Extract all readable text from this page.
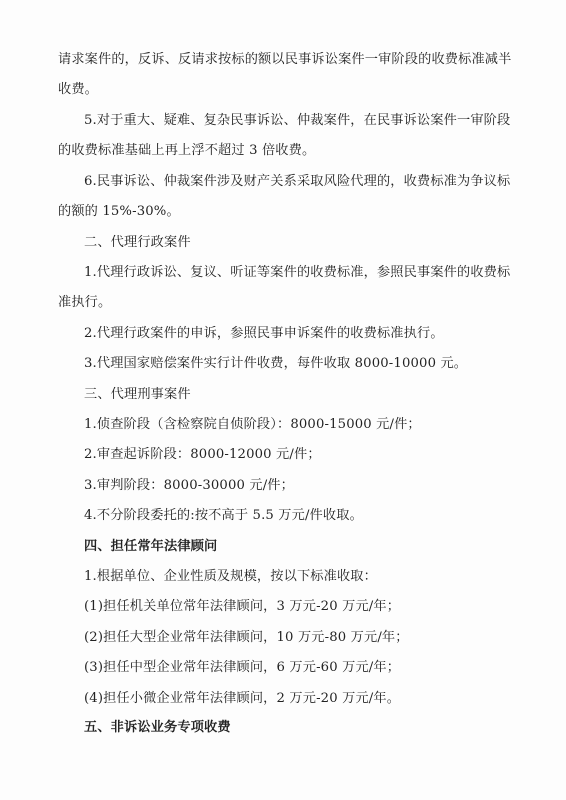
请求案件的，反诉、反请求按标的额以民事诉讼案件一审阶段的收费标准减半
收费。
5.对于重大、疑难、复杂民事诉讼、仲裁案件，在民事诉讼案件一审阶段
的收费标准基础上再上浮不超过 3 倍收费。
6.民事诉讼、仲裁案件涉及财产关系采取风险代理的，收费标准为争议标
的额的 15%-30%。
二、代理行政案件
1.代理行政诉讼、复议、听证等案件的收费标准，参照民事案件的收费标
准执行。
2.代理行政案件的申诉，参照民事申诉案件的收费标准执行。
3.代理国家赔偿案件实行计件收费，每件收取 8000-10000 元。
三、代理刑事案件
1.侦查阶段（含检察院自侦阶段）：8000-15000 元/件；
2.审查起诉阶段：8000-12000 元/件；
3.审判阶段：8000-30000 元/件；
4.不分阶段委托的:按不高于 5.5 万元/件收取。
四、担任常年法律顾问
1.根据单位、企业性质及规模，按以下标准收取：
(1)担任机关单位常年法律顾问，3 万元-20 万元/年；
(2)担任大型企业常年法律顾问，10 万元-80 万元/年；
(3)担任中型企业常年法律顾问，6 万元-60 万元/年；
(4)担任小微企业常年法律顾问，2 万元-20 万元/年。
五、非诉讼业务专项收费
